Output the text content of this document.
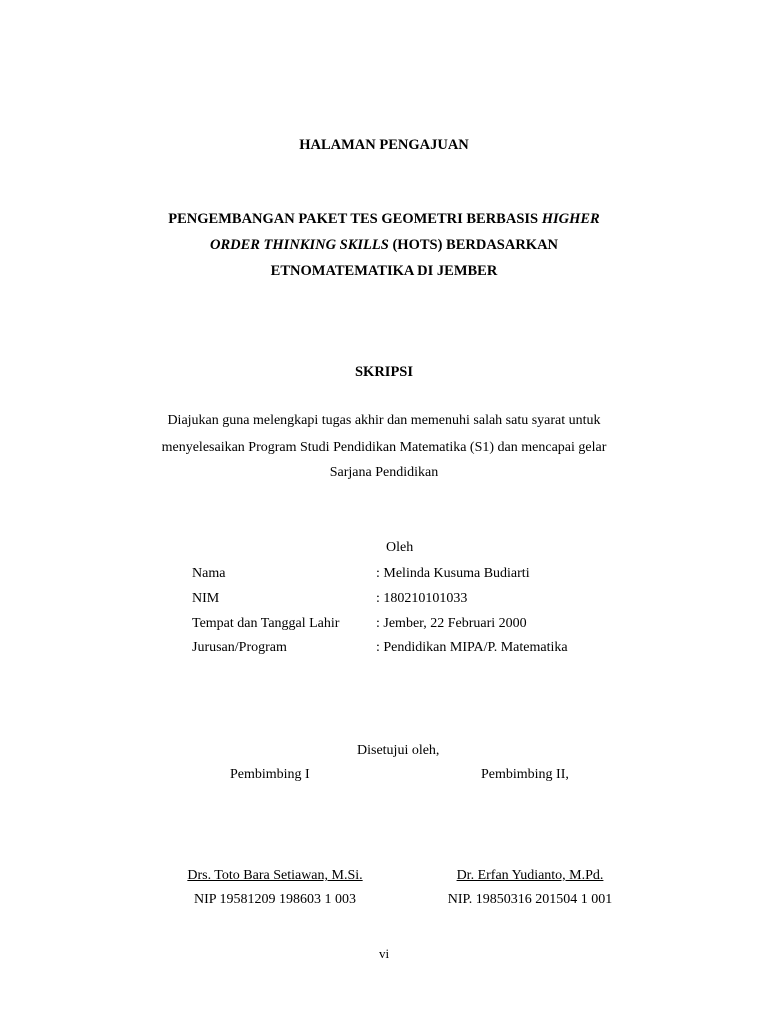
HALAMAN PENGAJUAN
PENGEMBANGAN PAKET TES GEOMETRI BERBASIS HIGHER
ORDER THINKING SKILLS (HOTS) BERDASARKAN
ETNOMATEMATIKA DI JEMBER
SKRIPSI
Diajukan guna melengkapi tugas akhir dan memenuhi salah satu syarat untuk
menyelesaikan Program Studi Pendidikan Matematika (S1) dan mencapai gelar
Sarjana Pendidikan
Oleh
Nama	: Melinda Kusuma Budiarti
NIM	: 180210101033
Tempat dan Tanggal Lahir	: Jember, 22 Februari 2000
Jurusan/Program	: Pendidikan MIPA/P. Matematika
Disetujui oleh,
Pembimbing I	Pembimbing II,
Drs. Toto Bara Setiawan, M.Si.	Dr. Erfan Yudianto, M.Pd.
NIP 19581209 198603 1 003	NIP. 19850316 201504 1 001
vi
